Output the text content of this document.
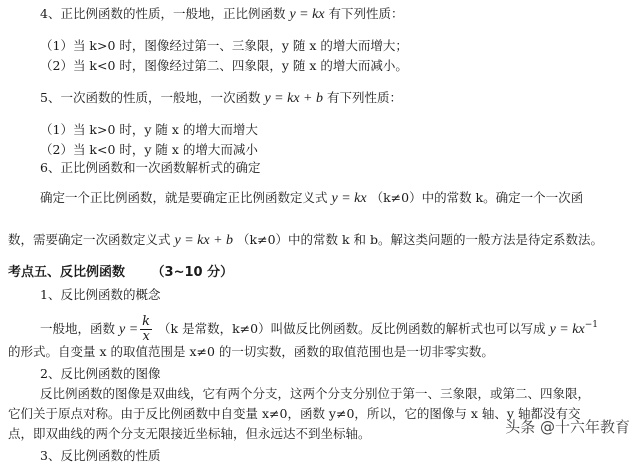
4、正比例函数的性质，一般地，正比例函数 y = kx 有下列性质：
（1）当 k>0 时，图像经过第一、三象限，y 随 x 的增大而增大；
（2）当 k<0 时，图像经过第二、四象限，y 随 x 的增大而减小。
5、一次函数的性质，一般地，一次函数 y = kx + b 有下列性质：
（1）当 k>0 时，y 随 x 的增大而增大
（2）当 k<0 时，y 随 x 的增大而减小
6、正比例函数和一次函数解析式的确定
确定一个正比例函数，就是要确定正比例函数定义式 y = kx （k≠0）中的常数 k。确定一个一次函
数，需要确定一次函数定义式 y = kx + b （k≠0）中的常数 k 和 b。解这类问题的一般方法是待定系数法。
考点五、反比例函数 （3~10 分）
1、反比例函数的概念
一般地，函数 $y = \frac{k}{x} (k$ 是常数，k≠0）叫做反比例函数。反比例函数的解析式也可以写成 $y = kx^{-1}$
的形式。自变量 x 的取值范围是 x≠0 的一切实数，函数的取值范围也是一切非零实数。
2、反比例函数的图像
反比例函数的图像是双曲线，它有两个分支，这两个分支分别位于第一、三象限，或第二、四象限，
它们关于原点对称。由于反比例函数中自变量 x≠0，函数 y≠0，所以，它的图像与 x 轴、y 轴都没有交
点，即双曲线的两个分支无限接近坐标轴，但永远达不到坐标轴。
3、反比例函数的性质
头条 @十六年教育
